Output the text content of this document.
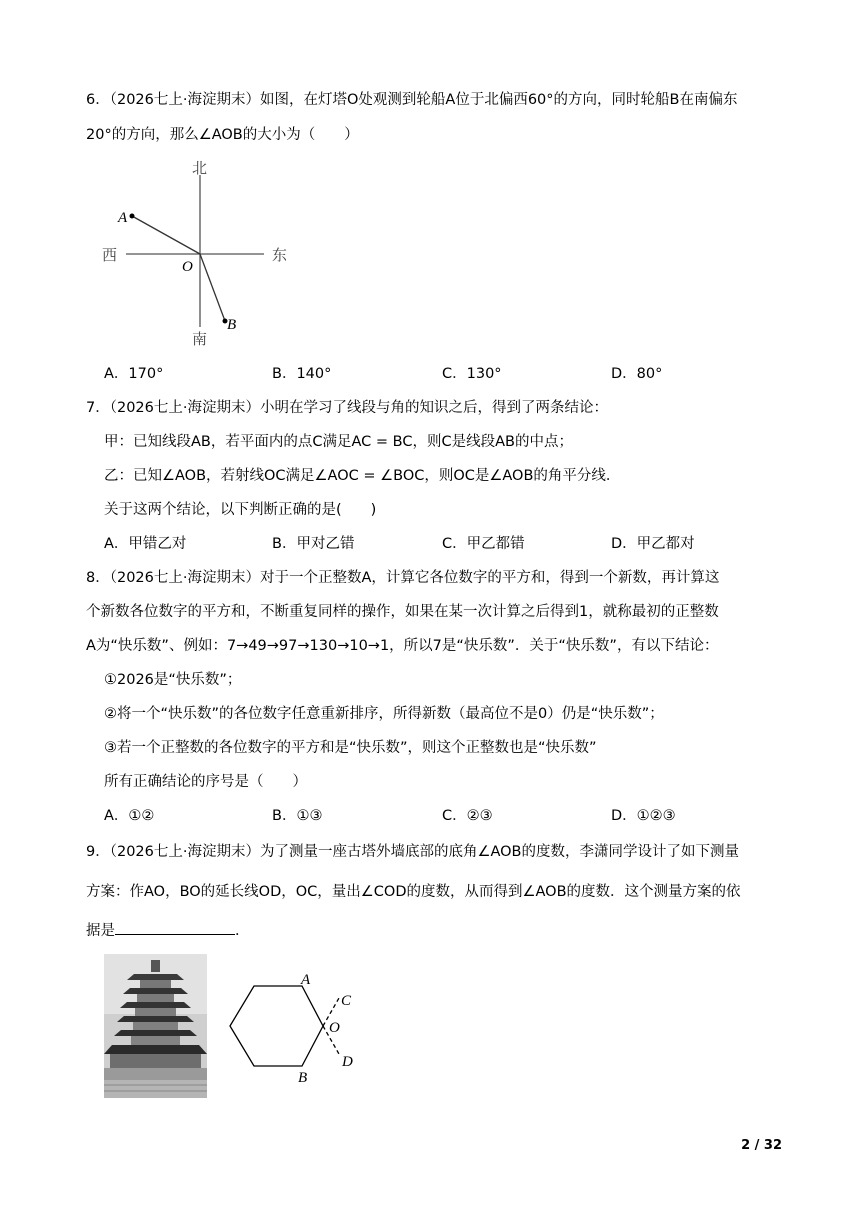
6．（2026七上·海淀期末）如图，在灯塔O处观测到轮船A位于北偏西60°的方向，同时轮船B在南偏东
20°的方向，那么∠AOB的大小为（　　）
北
南
西	东
O
A
B
A．170°	B．140°	C．130°	D．80°
7．（2026七上·海淀期末）小明在学习了线段与角的知识之后，得到了两条结论：
甲：已知线段AB，若平面内的点C满足AC = BC，则C是线段AB的中点；
乙：已知∠AOB，若射线OC满足∠AOC = ∠BOC，则OC是∠AOB的角平分线．
关于这两个结论，以下判断正确的是(　　)
A．甲错乙对	B．甲对乙错	C．甲乙都错	D．甲乙都对
8．（2026七上·海淀期末）对于一个正整数A，计算它各位数字的平方和，得到一个新数，再计算这
个新数各位数字的平方和，不断重复同样的操作，如果在某一次计算之后得到1，就称最初的正整数
A为“快乐数”、例如：7→49→97→130→10→1，所以7是“快乐数”．关于“快乐数”，有以下结论：
①2026是“快乐数”；
②将一个“快乐数”的各位数字任意重新排序，所得新数（最高位不是0）仍是“快乐数”；
③若一个正整数的各位数字的平方和是“快乐数”，则这个正整数也是“快乐数”
所有正确结论的序号是（　　）
A．①②	B．①③	C．②③	D．①②③
9．（2026七上·海淀期末）为了测量一座古塔外墙底部的底角∠AOB的度数，李潇同学设计了如下测量
方案：作AO，BO的延长线OD，OC，量出∠COD的度数，从而得到∠AOB的度数．这个测量方案的依
据是	．
A
B
C
D
O
2 / 32
